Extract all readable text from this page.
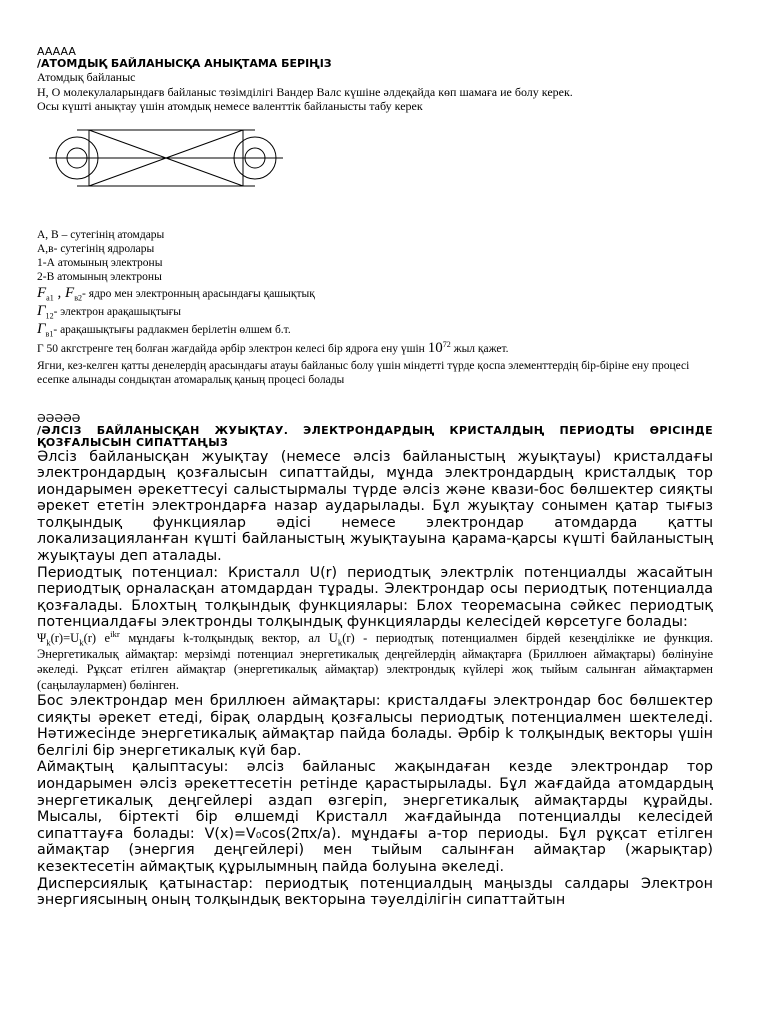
AAAAA
/АТОМДЫҚ БАЙЛАНЫСҚА АНЫҚТАМА БЕРІҢІЗ
Атомдық байланыс
Н, О молекулаларындағв байланыс төзімділігі Вандер Валс күшіне әлдеқайда көп шамаға ие болу керек.
Осы күшті анықтау үшін атомдық немесе валенттік байланысты табу керек
А, В – сутегінің атомдары
А,в- сутегінің ядролары
1-А атомының электроны
2-В атомының электроны
$F_{a1}$ , $F_{в2}-$ ядро мен электронның арасындағы қашықтық
$Г_{12}-$ электрон арақашықтығы
$Г_{в1}-$ арақашықтығы радлакмен берілетін өлшем б.т.
Г 50 акгстренге тең болған жағдайда әрбір электрон келесі бір ядроға ену үшін $10^{72}$ жыл қажет.
Ягни, кез-келген қатты денелердің арасындағы атауы байланыс болу үшін міндетті түрде қоспа элементтердің бір-біріне ену процесі есепке алынады сондықтан атомаралық қаның процесі болады
ӘӘӘӘӘ
/ӘЛСІЗ БАЙЛАНЫСҚАН ЖУЫҚТАУ. ЭЛЕКТРОНДАРДЫҢ КРИСТАЛДЫҢ ПЕРИОДТЫ ӨРІСІНДЕ ҚОЗҒАЛЫСЫН СИПАТТАҢЫЗ
Әлсіз байланысқан жуықтау (немесе әлсіз байланыстың жуықтауы) кристалдағы электрондардың қозғалысын сипаттайды, мұнда электрондардың кристалдық тор иондарымен әрекеттесуі салыстырмалы түрде әлсіз және квази-бос бөлшектер сияқты әрекет ететін электрондарға назар аударылады. Бұл жуықтау сонымен қатар тығыз толқындық функциялар әдісі немесе электрондар атомдарда қатты локализацияланған күшті байланыстың жуықтауына қарама-қарсы күшті байланыстың жуықтауы деп аталады.
Периодтық потенциал: Кристалл U(r) периодтық электрлік потенциалды жасайтын периодтық орналасқан атомдардан тұрады. Электрондар осы периодтық потенциалда қозғалады. Блохтың толқындық функциялары: Блох теоремасына сәйкес периодтық потенциалдағы электронды толқындық функцияларды келесідей көрсетуге болады:
$\Psi_k(r)=U_k(r)$ $e^{ikr}$ мұндағы k-толқындық вектор, ал $U_k(r)$ - периодтық потенциалмен бірдей кезеңділікке ие функция. Энергетикалық аймақтар: мерзімді потенциал энергетикалық деңгейлердің аймақтарға (Бриллюен аймақтары) бөлінуіне әкеледі. Рұқсат етілген аймақтар (энергетикалық аймақтар) электрондық күйлері жоқ тыйым салынған аймақтармен (саңылаулармен) бөлінген.
Бос электрондар мен бриллюен аймақтары: кристалдағы электрондар бос бөлшектер сияқты әрекет етеді, бірақ олардың қозғалысы периодтық потенциалмен шектеледі. Нәтижесінде энергетикалық аймақтар пайда болады. Әрбір k толқындық векторы үшін белгілі бір энергетикалық күй бар.
Аймақтың қалыптасуы: әлсіз байланыс жақындаған кезде электрондар тор иондарымен әлсіз әрекеттесетін ретінде қарастырылады. Бұл жағдайда атомдардың энергетикалық деңгейлері аздап өзгеріп, энергетикалық аймақтарды құрайды. Мысалы, біртекті бір өлшемді Кристалл жағдайында потенциалды келесідей сипаттауға болады: V(x)=V₀cos(2πx/a). мұндағы a-тор периоды. Бұл рұқсат етілген аймақтар (энергия деңгейлері) мен тыйым салынған аймақтар (жарықтар) кезектесетін аймақтық құрылымның пайда болуына әкеледі.
Дисперсиялық қатынастар: периодтық потенциалдың маңызды салдары Электрон энергиясының оның толқындық векторына тәуелділігін сипаттайтын
